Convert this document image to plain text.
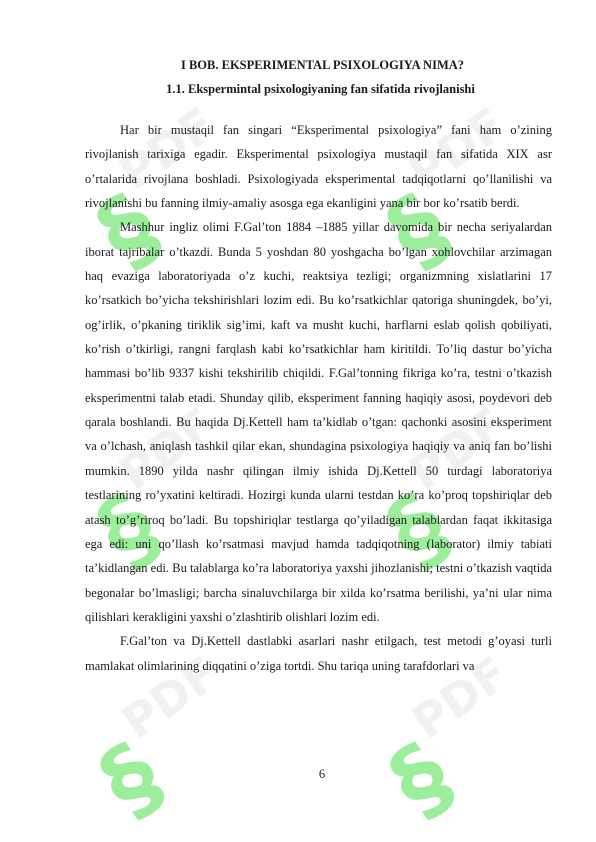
§
PDF
§
PDF
§
PDF
§
PDF
§
PDF
§
PDF
I BOB. EKSPERIMENTAL PSIXOLOGIYA NIMA?
1.1. Ekspermintal psixologiyaning fan sifatida rivojlanishi

Har bir mustaqil fan singari “Eksperimental psixologiya” fani ham o’zining rivojlanish tarixiga egadir. Eksperimental psixologiya mustaqil fan sifatida XIX asr o’rtalarida rivojlana boshladi. Psixologiyada eksperimental tadqiqotlarni qo’llanilishi va rivojlanishi bu fanning ilmiy-amaliy asosga ega ekanligini yana bir bor ko’rsatib berdi.

Mashhur ingliz olimi F.Gal’ton 1884 –1885 yillar davomida bir necha seriyalardan iborat tajribalar o’tkazdi. Bunda 5 yoshdan 80 yoshgacha bo’lgan xohlovchilar arzimagan haq evaziga laboratoriyada o’z kuchi, reaktsiya tezligi; organizmning xislatlarini 17 ko’rsatkich bo’yicha tekshirishlari lozim edi. Bu ko’rsatkichlar qatoriga shuningdek, bo’yi, og’irlik, o’pkaning tiriklik sig’imi, kaft va musht kuchi, harflarni eslab qolish qobiliyati, ko’rish o’tkirligi, rangni farqlash kabi ko’rsatkichlar ham kiritildi. To’liq dastur bo’yicha hammasi bo’lib 9337 kishi tekshirilib chiqildi. F.Gal’tonning fikriga ko’ra, testni o’tkazish eksperimentni talab etadi. Shunday qilib, eksperiment fanning haqiqiy asosi, poydevori deb qarala boshlandi. Bu haqida Dj.Kettell ham ta’kidlab o’tgan: qachonki asosini eksperiment va o’lchash, aniqlash tashkil qilar ekan, shundagina psixologiya haqiqiy va aniq fan bo’lishi mumkin. 1890 yilda nashr qilingan ilmiy ishida Dj.Kettell 50 turdagi laboratoriya testlarining ro’yxatini keltiradi. Hozirgi kunda ularni testdan ko’ra ko’proq topshiriqlar deb atash to’g’riroq bo’ladi. Bu topshiriqlar testlarga qo’yiladigan talablardan faqat ikkitasiga ega edi: uni qo’llash ko’rsatmasi mavjud hamda tadqiqotning (laborator) ilmiy tabiati ta’kidlangan edi. Bu talablarga ko’ra laboratoriya yaxshi jihozlanishi; testni o’tkazish vaqtida begonalar bo’lmasligi; barcha sinaluvchilarga bir xilda ko’rsatma berilishi, ya’ni ular nima qilishlari kerakligini yaxshi o’zlashtirib olishlari lozim edi.

F.Gal’ton va Dj.Kettell dastlabki asarlari nashr etilgach, test metodi g’oyasi turli mamlakat olimlarining diqqatini o’ziga tortdi. Shu tariqa uning tarafdorlari va

6
